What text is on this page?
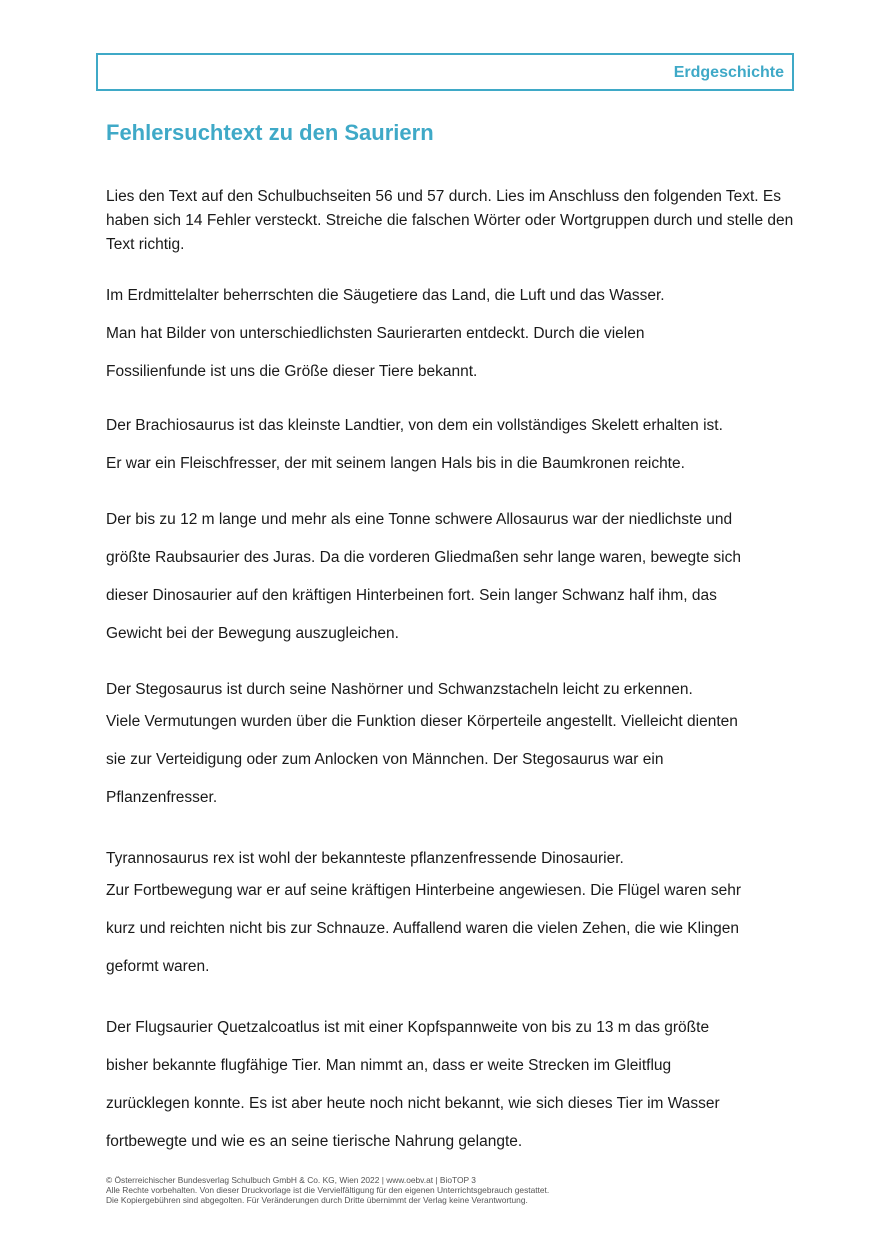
Erdgeschichte
Fehlersuchtext zu den Sauriern

Lies den Text auf den Schulbuchseiten 56 und 57 durch. Lies im Anschluss den folgenden Text. Es haben sich 14 Fehler versteckt. Streiche die falschen Wörter oder Wortgruppen durch und stelle den Text richtig.

Im Erdmittelalter beherrschten die Säugetiere das Land, die Luft und das Wasser.
Man hat Bilder von unterschiedlichsten Saurierarten entdeckt. Durch die vielen
Fossilienfunde ist uns die Größe dieser Tiere bekannt.
Der Brachiosaurus ist das kleinste Landtier, von dem ein vollständiges Skelett erhalten ist.
Er war ein Fleischfresser, der mit seinem langen Hals bis in die Baumkronen reichte.
Der bis zu 12 m lange und mehr als eine Tonne schwere Allosaurus war der niedlichste und
größte Raubsaurier des Juras. Da die vorderen Gliedmaßen sehr lange waren, bewegte sich
dieser Dinosaurier auf den kräftigen Hinterbeinen fort. Sein langer Schwanz half ihm, das
Gewicht bei der Bewegung auszugleichen.
Der Stegosaurus ist durch seine Nashörner und Schwanzstacheln leicht zu erkennen.
Viele Vermutungen wurden über die Funktion dieser Körperteile angestellt. Vielleicht dienten
sie zur Verteidigung oder zum Anlocken von Männchen. Der Stegosaurus war ein
Pflanzenfresser.
Tyrannosaurus rex ist wohl der bekannteste pflanzenfressende Dinosaurier.
Zur Fortbewegung war er auf seine kräftigen Hinterbeine angewiesen. Die Flügel waren sehr
kurz und reichten nicht bis zur Schnauze. Auffallend waren die vielen Zehen, die wie Klingen
geformt waren.
Der Flugsaurier Quetzalcoatlus ist mit einer Kopfspannweite von bis zu 13 m das größte
bisher bekannte flugfähige Tier. Man nimmt an, dass er weite Strecken im Gleitflug
zurücklegen konnte. Es ist aber heute noch nicht bekannt, wie sich dieses Tier im Wasser
fortbewegte und wie es an seine tierische Nahrung gelangte.
© Österreichischer Bundesverlag Schulbuch GmbH & Co. KG, Wien 2022 | www.oebv.at | BioTOP 3
Alle Rechte vorbehalten. Von dieser Druckvorlage ist die Vervielfältigung für den eigenen Unterrichtsgebrauch gestattet.
Die Kopiergebühren sind abgegolten. Für Veränderungen durch Dritte übernimmt der Verlag keine Verantwortung.
